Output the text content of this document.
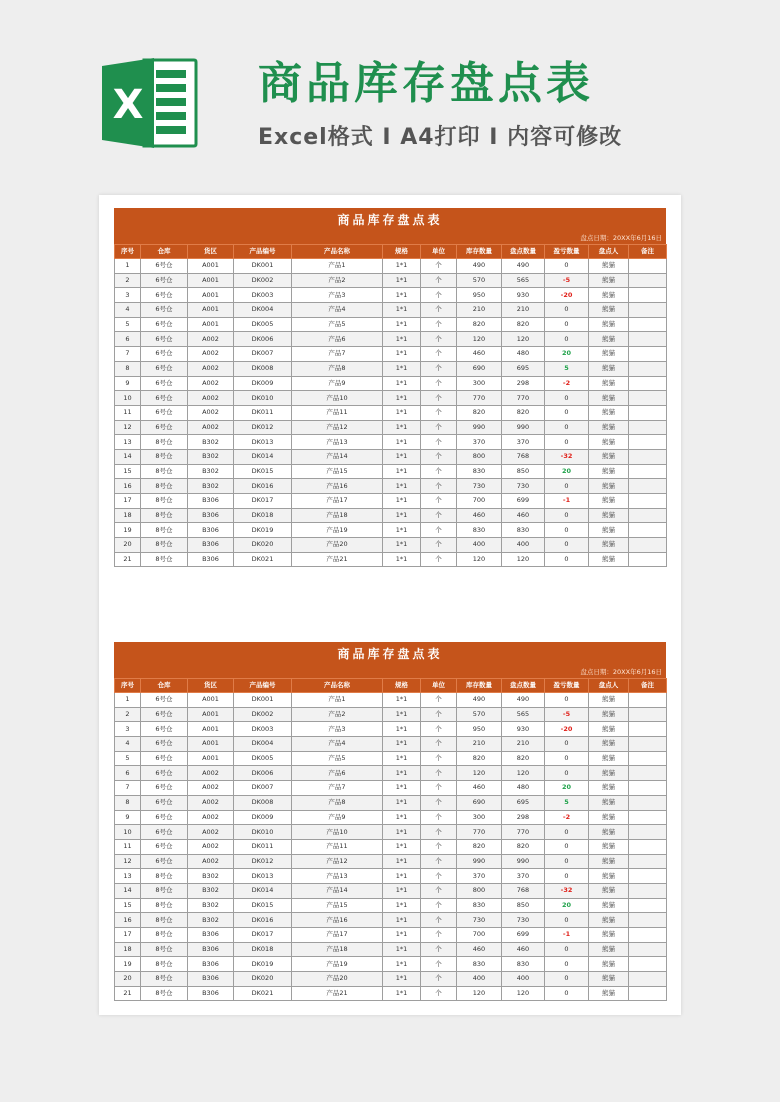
X	商品库存盘点表
Excel格式 I A4打印 I 内容可修改
商品库存盘点表
盘点日期：20XX年6月16日
序号	仓库	货区	产品编号	产品名称	规格	单位	库存数量	盘点数量	盈亏数量	盘点人	备注
1	6号仓	A001	DK001	产品1	1*1	个	490	490	0	熊猫	
2	6号仓	A001	DK002	产品2	1*1	个	570	565	-5	熊猫	
3	6号仓	A001	DK003	产品3	1*1	个	950	930	-20	熊猫	
4	6号仓	A001	DK004	产品4	1*1	个	210	210	0	熊猫	
5	6号仓	A001	DK005	产品5	1*1	个	820	820	0	熊猫	
6	6号仓	A002	DK006	产品6	1*1	个	120	120	0	熊猫	
7	6号仓	A002	DK007	产品7	1*1	个	460	480	20	熊猫	
8	6号仓	A002	DK008	产品8	1*1	个	690	695	5	熊猫	
9	6号仓	A002	DK009	产品9	1*1	个	300	298	-2	熊猫	
10	6号仓	A002	DK010	产品10	1*1	个	770	770	0	熊猫	
11	6号仓	A002	DK011	产品11	1*1	个	820	820	0	熊猫	
12	6号仓	A002	DK012	产品12	1*1	个	990	990	0	熊猫	
13	8号仓	B302	DK013	产品13	1*1	个	370	370	0	熊猫	
14	8号仓	B302	DK014	产品14	1*1	个	800	768	-32	熊猫	
15	8号仓	B302	DK015	产品15	1*1	个	830	850	20	熊猫	
16	8号仓	B302	DK016	产品16	1*1	个	730	730	0	熊猫	
17	8号仓	B306	DK017	产品17	1*1	个	700	699	-1	熊猫	
18	8号仓	B306	DK018	产品18	1*1	个	460	460	0	熊猫	
19	8号仓	B306	DK019	产品19	1*1	个	830	830	0	熊猫	
20	8号仓	B306	DK020	产品20	1*1	个	400	400	0	熊猫	
21	8号仓	B306	DK021	产品21	1*1	个	120	120	0	熊猫	
商品库存盘点表
盘点日期：20XX年6月16日
序号	仓库	货区	产品编号	产品名称	规格	单位	库存数量	盘点数量	盈亏数量	盘点人	备注
1	6号仓	A001	DK001	产品1	1*1	个	490	490	0	熊猫	
2	6号仓	A001	DK002	产品2	1*1	个	570	565	-5	熊猫	
3	6号仓	A001	DK003	产品3	1*1	个	950	930	-20	熊猫	
4	6号仓	A001	DK004	产品4	1*1	个	210	210	0	熊猫	
5	6号仓	A001	DK005	产品5	1*1	个	820	820	0	熊猫	
6	6号仓	A002	DK006	产品6	1*1	个	120	120	0	熊猫	
7	6号仓	A002	DK007	产品7	1*1	个	460	480	20	熊猫	
8	6号仓	A002	DK008	产品8	1*1	个	690	695	5	熊猫	
9	6号仓	A002	DK009	产品9	1*1	个	300	298	-2	熊猫	
10	6号仓	A002	DK010	产品10	1*1	个	770	770	0	熊猫	
11	6号仓	A002	DK011	产品11	1*1	个	820	820	0	熊猫	
12	6号仓	A002	DK012	产品12	1*1	个	990	990	0	熊猫	
13	8号仓	B302	DK013	产品13	1*1	个	370	370	0	熊猫	
14	8号仓	B302	DK014	产品14	1*1	个	800	768	-32	熊猫	
15	8号仓	B302	DK015	产品15	1*1	个	830	850	20	熊猫	
16	8号仓	B302	DK016	产品16	1*1	个	730	730	0	熊猫	
17	8号仓	B306	DK017	产品17	1*1	个	700	699	-1	熊猫	
18	8号仓	B306	DK018	产品18	1*1	个	460	460	0	熊猫	
19	8号仓	B306	DK019	产品19	1*1	个	830	830	0	熊猫	
20	8号仓	B306	DK020	产品20	1*1	个	400	400	0	熊猫	
21	8号仓	B306	DK021	产品21	1*1	个	120	120	0	熊猫	
